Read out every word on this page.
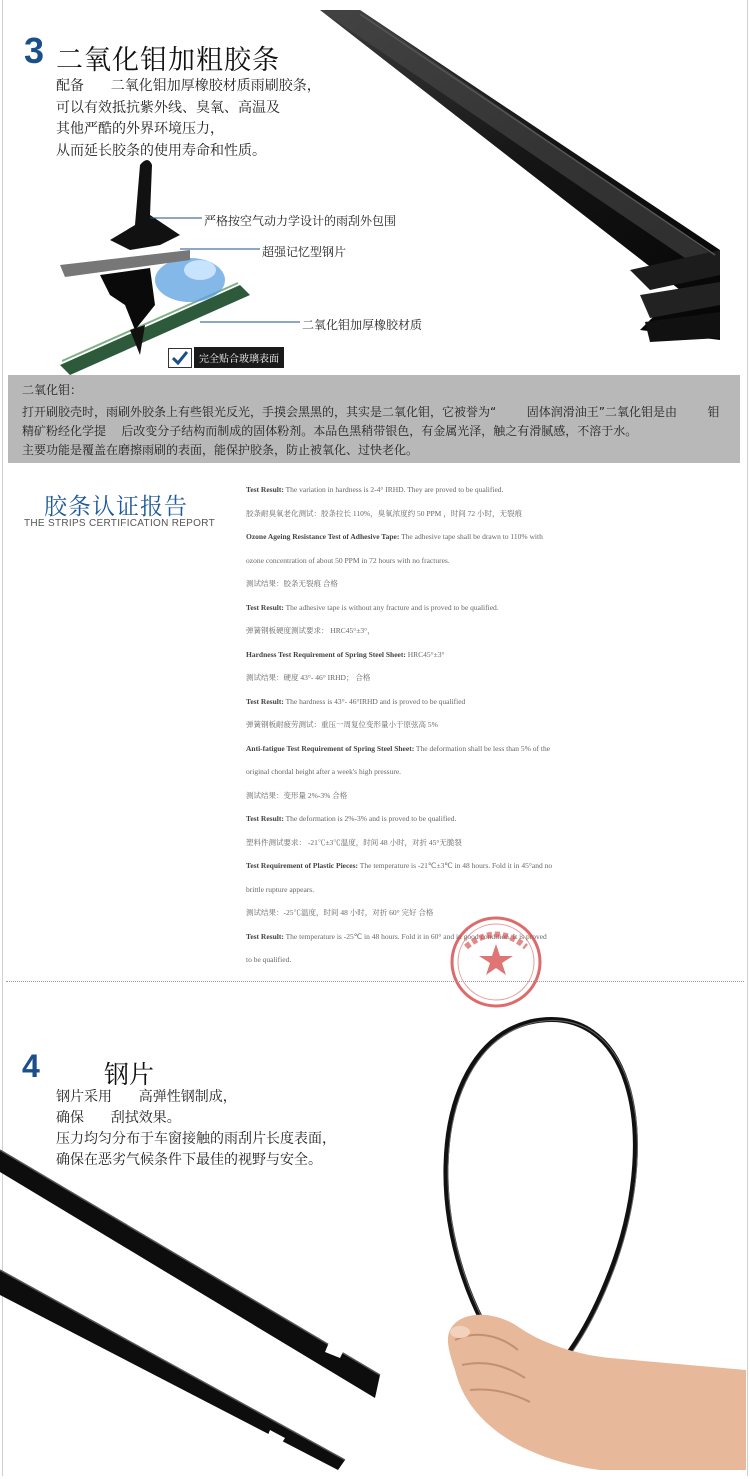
3 二氧化钼加粗胶条
配备      二氧化钼加厚橡胶材质雨刷胶条，
可以有效抵抗紫外线、臭氧、高温及
其他严酷的外界环境压力，
从而延长胶条的使用寿命和性质。
严格按空气动力学设计的雨刮外包围
超强记忆型钢片
二氧化钼加厚橡胶材质
完全贴合玻璃表面
二氧化钼：
打开刷胶壳时，雨刷外胶条上有些银光反光，手摸会黑黑的，其实是二氧化钼，它被誉为“        固体润滑油王”二氧化钼是由        钼
精矿粉经化学提    后改变分子结构而制成的固体粉剂。本品色黑稍带银色，有金属光泽，触之有滑腻感，不溶于水。
主要功能是覆盖在磨擦雨刷的表面，能保护胶条，防止被氧化、过快老化。
胶条认证报告
THE STRIPS CERTIFICATION REPORT
Test Result: The variation in hardness is 2-4° IRHD. They are proved to be qualified.
胶条耐臭氧老化测试：胶条拉长 110%，臭氧浓度约 50 PPM ，时间 72 小时，无裂痕
Ozone Ageing Resistance Test of Adhesive Tape: The adhesive tape shall be drawn to 110% with
ozone concentration of about 50 PPM in 72 hours with no fractures.
测试结果：胶条无裂痕 合格
Test Result: The adhesive tape is without any fracture and is proved to be qualified.
弹簧钢板硬度测试要求： HRC45°±3°，
Hardness Test Requirement of Spring Steel Sheet: HRC45°±3°
测试结果：硬度 43°- 46° IRHD； 合格
Test Result: The hardness is 43°- 46°IRHD and is proved to be qualified
弹簧钢板耐疲劳测试：重压一周复位变形量小于原弦高 5%
Anti-fatigue Test Requirement of Spring Steel Sheet: The deformation shall be less than 5% of the
original chordal height after a week's high pressure.
测试结果：变形量 2%-3% 合格
Test Result: The deformation is 2%-3% and is proved to be qualified.
塑料件测试要求： -21℃±3℃温度，时间 48 小时，对折 45°无脆裂
Test Requirement of Plastic Pieces: The temperature is -21℃±3℃ in 48 hours. Fold it in 45°and no
brittle rupture appears.
测试结果：-25℃温度，时间 48 小时，对折 60° 完好 合格
Test Result: The temperature is -25℃ in 48 hours. Fold it in 60° and in good condition. It is proved
to be qualified.
4	钢片
钢片采用      高弹性钢制成，
确保      刮拭效果。
压力均匀分布于车窗接触的雨刮片长度表面，
确保在恶劣气候条件下最佳的视野与安全。
